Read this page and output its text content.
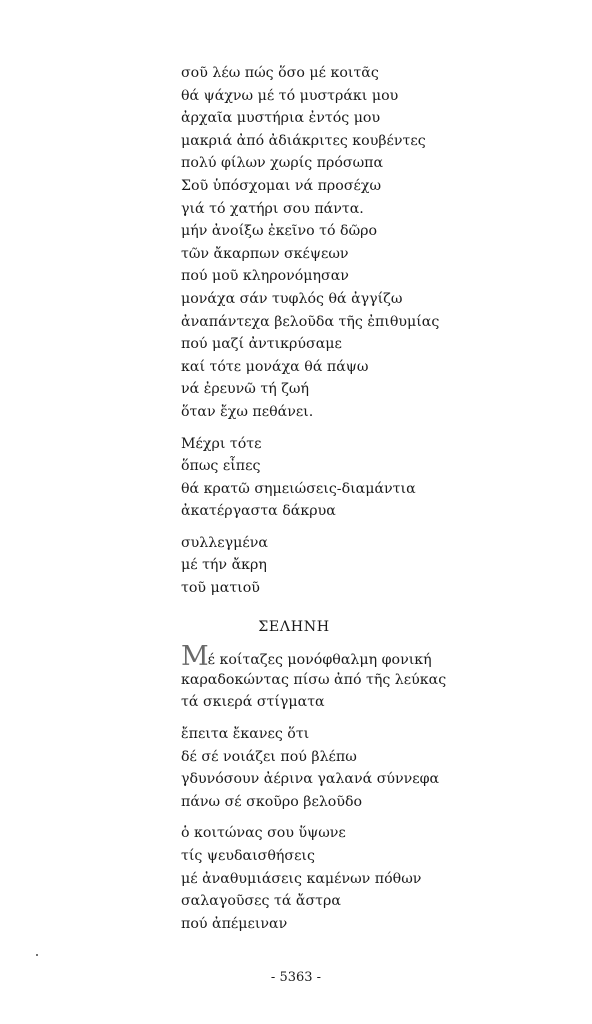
σοῦ λέω πώς ὅσο μέ κοιτᾶς
θά ψάχνω μέ τό μυστράκι μου
ἀρχαῖα μυστήρια ἐντός μου
μακριά ἀπό ἀδιάκριτες κουβέντες
πολύ φίλων χωρίς πρόσωπα
Σοῦ ὑπόσχομαι νά προσέχω
γιά τό χατήρι σου πάντα.
μήν ἀνοίξω ἐκεῖνο τό δῶρο
τῶν ἄκαρπων σκέψεων
πού μοῦ κληρονόμησαν
μονάχα σάν τυφλός θά ἀγγίζω
ἀναπάντεχα βελοῦδα τῆς ἐπιθυμίας
πού μαζί ἀντικρύσαμε
καί τότε μονάχα θά πάψω
νά ἐρευνῶ τή ζωή
ὅταν ἔχω πεθάνει.
Μέχρι τότε
ὅπως εἶπες
θά κρατῶ σημειώσεις-διαμάντια
ἀκατέργαστα δάκρυα
συλλεγμένα
μέ τήν ἄκρη
τοῦ ματιοῦ
ΣΕΛΗΝΗ
Μέ κοίταζες μονόφθαλμη φονική
καραδοκώντας πίσω ἀπό τῆς λεύκας
τά σκιερά στίγματα
ἔπειτα ἔκανες ὅτι
δέ σέ νοιάζει πού βλέπω
γδυνόσουν ἀέρινα γαλανά σύννεφα
πάνω σέ σκοῦρο βελοῦδο
ὁ κοιτώνας σου ὕψωνε
τίς ψευδαισθήσεις
μέ ἀναθυμιάσεις καμένων πόθων
σαλαγοῦσες τά ἄστρα
πού ἀπέμειναν
- 5363 -
